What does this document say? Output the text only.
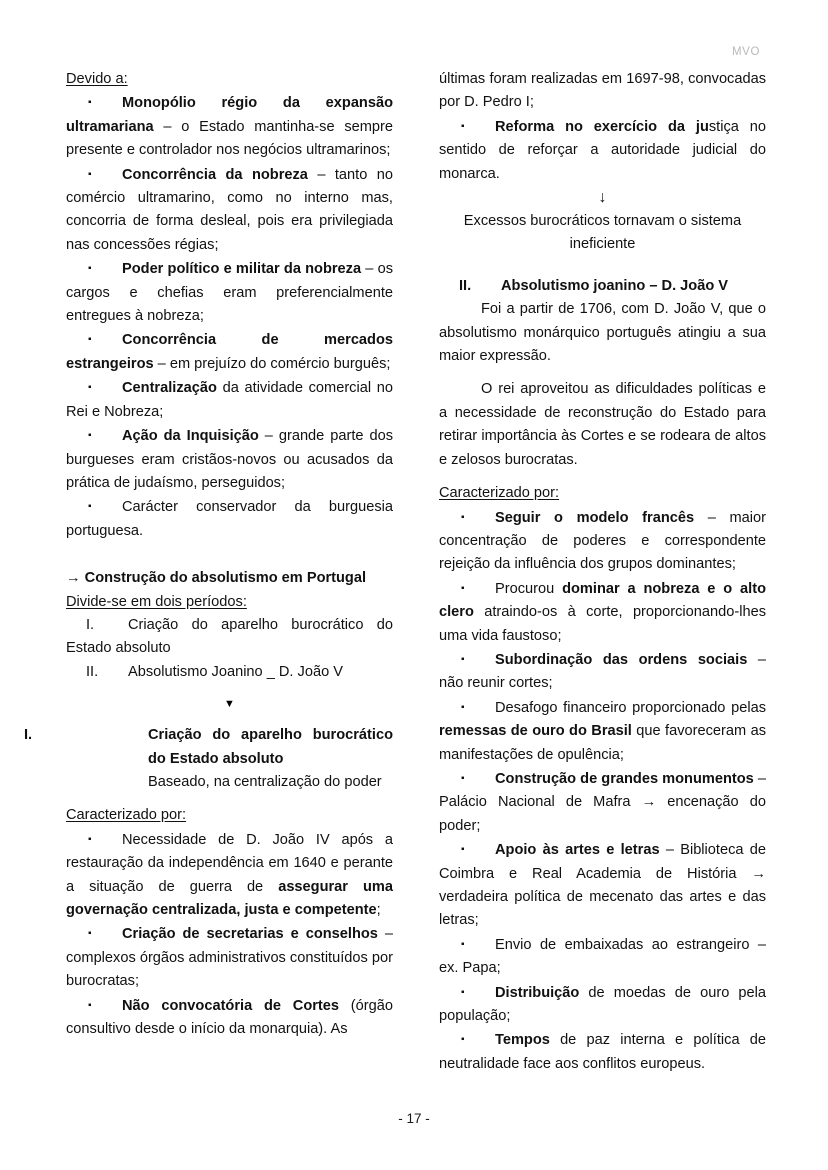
MVO

Devido a:

▪ Monopólio régio da expansão ultramariana – o Estado mantinha-se sempre presente e controlador nos negócios ultramarinos;

▪ Concorrência da nobreza – tanto no comércio ultramarino, como no interno mas, concorria de forma desleal, pois era privilegiada nas concessões régias;

▪ Poder político e militar da nobreza – os cargos e chefias eram preferencialmente entregues à nobreza;

▪ Concorrência de mercados estrangeiros – em prejuízo do comércio burguês;

▪ Centralização da atividade comercial no Rei e Nobreza;

▪ Ação da Inquisição – grande parte dos burgueses eram cristãos-novos ou acusados da prática de judaísmo, perseguidos;

▪ Carácter conservador da burguesia portuguesa.

→ Construção do absolutismo em Portugal

Divide-se em dois períodos:

I. Criação do aparelho burocrático do Estado absoluto

II. Absolutismo Joanino _ D. João V

▼

I.	Criação do aparelho burocrático do Estado absoluto

Baseado, na centralização do poder

Caracterizado por:

▪ Necessidade de D. João IV após a restauração da independência em 1640 e perante a situação de guerra de assegurar uma governação centralizada, justa e competente;

▪ Criação de secretarias e conselhos – complexos órgãos administrativos constituídos por burocratas;

▪ Não convocatória de Cortes (órgão consultivo desde o início da monarquia). As

últimas foram realizadas em 1697-98, convocadas por D. Pedro I;

▪ Reforma no exercício da justiça no sentido de reforçar a autoridade judicial do monarca.

↓

Excessos burocráticos tornavam o sistema ineficiente

II. Absolutismo joanino – D. João V

Foi a partir de 1706, com D. João V, que o absolutismo monárquico português atingiu a sua maior expressão.

O rei aproveitou as dificuldades políticas e a necessidade de reconstrução do Estado para retirar importância às Cortes e se rodeara de altos e zelosos burocratas.

Caracterizado por:

▪ Seguir o modelo francês – maior concentração de poderes e correspondente rejeição da influência dos grupos dominantes;

▪ Procurou dominar a nobreza e o alto clero atraindo-os à corte, proporcionando-lhes uma vida faustoso;

▪ Subordinação das ordens sociais – não reunir cortes;

▪ Desafogo financeiro proporcionado pelas remessas de ouro do Brasil que favoreceram as manifestações de opulência;

▪ Construção de grandes monumentos – Palácio Nacional de Mafra → encenação do poder;

▪ Apoio às artes e letras – Biblioteca de Coimbra e Real Academia de História → verdadeira política de mecenato das artes e das letras;

▪ Envio de embaixadas ao estrangeiro – ex. Papa;

▪ Distribuição de moedas de ouro pela população;

▪ Tempos de paz interna e política de neutralidade face aos conflitos europeus.

- 17 -
